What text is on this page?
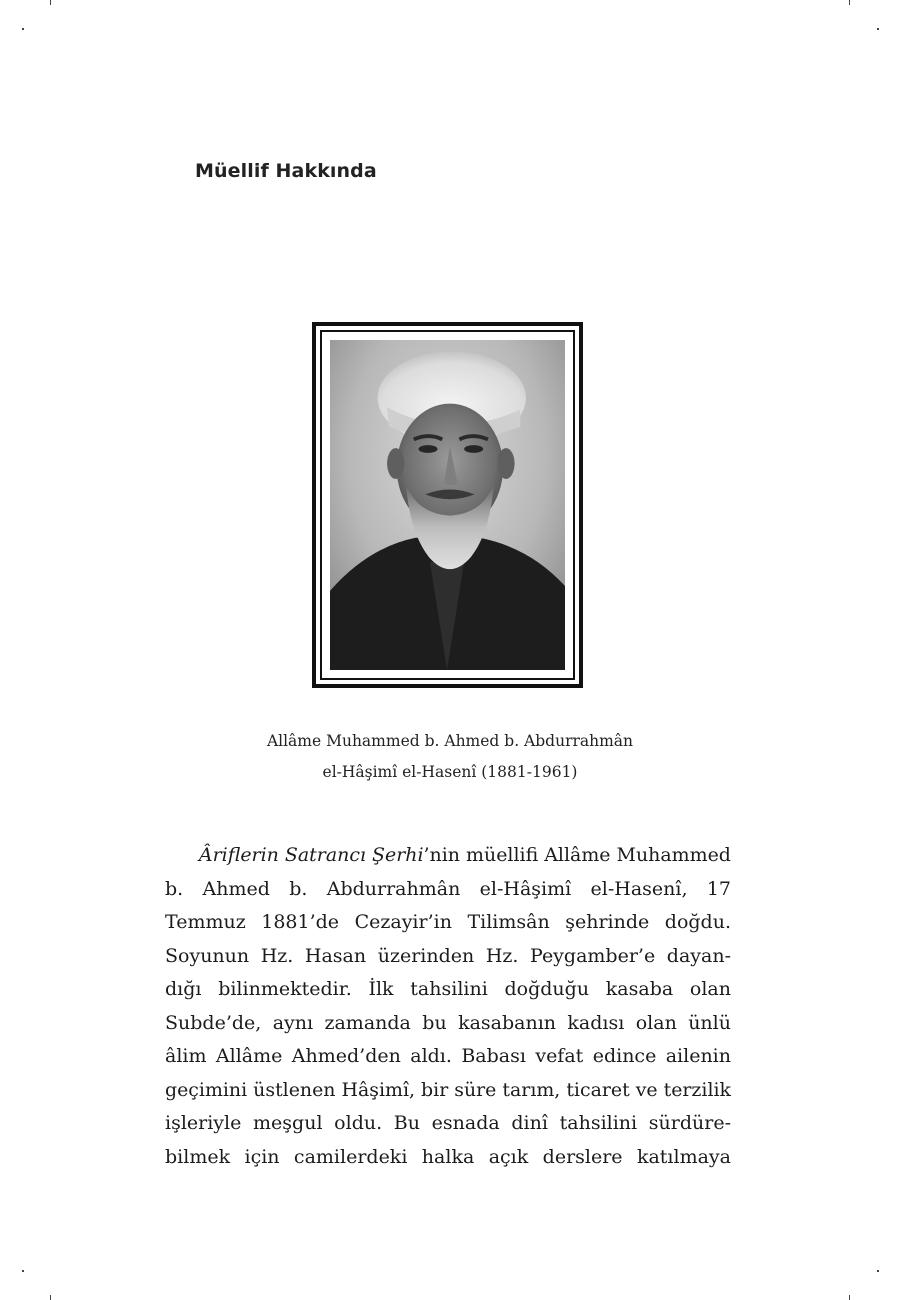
Müellif Hakkında
Allâme Muhammed b. Ahmed b. Abdurrahmân
el-Hâşimî el-Hasenî (1881-1961)
Âriflerin Satrancı Şerhi’nin müellifi Allâme Muhammed
b. Ahmed b. Abdurrahmân el-Hâşimî el-Hasenî, 17
Temmuz 1881’de Cezayir’in Tilimsân şehrinde doğdu.
Soyunun Hz. Hasan üzerinden Hz. Peygamber’e dayan-
dığı bilinmektedir. İlk tahsilini doğduğu kasaba olan
Subde’de, aynı zamanda bu kasabanın kadısı olan ünlü
âlim Allâme Ahmed’den aldı. Babası vefat edince ailenin
geçimini üstlenen Hâşimî, bir süre tarım, ticaret ve terzilik
işleriyle meşgul oldu. Bu esnada dinî tahsilini sürdüre-
bilmek için camilerdeki halka açık derslere katılmaya
